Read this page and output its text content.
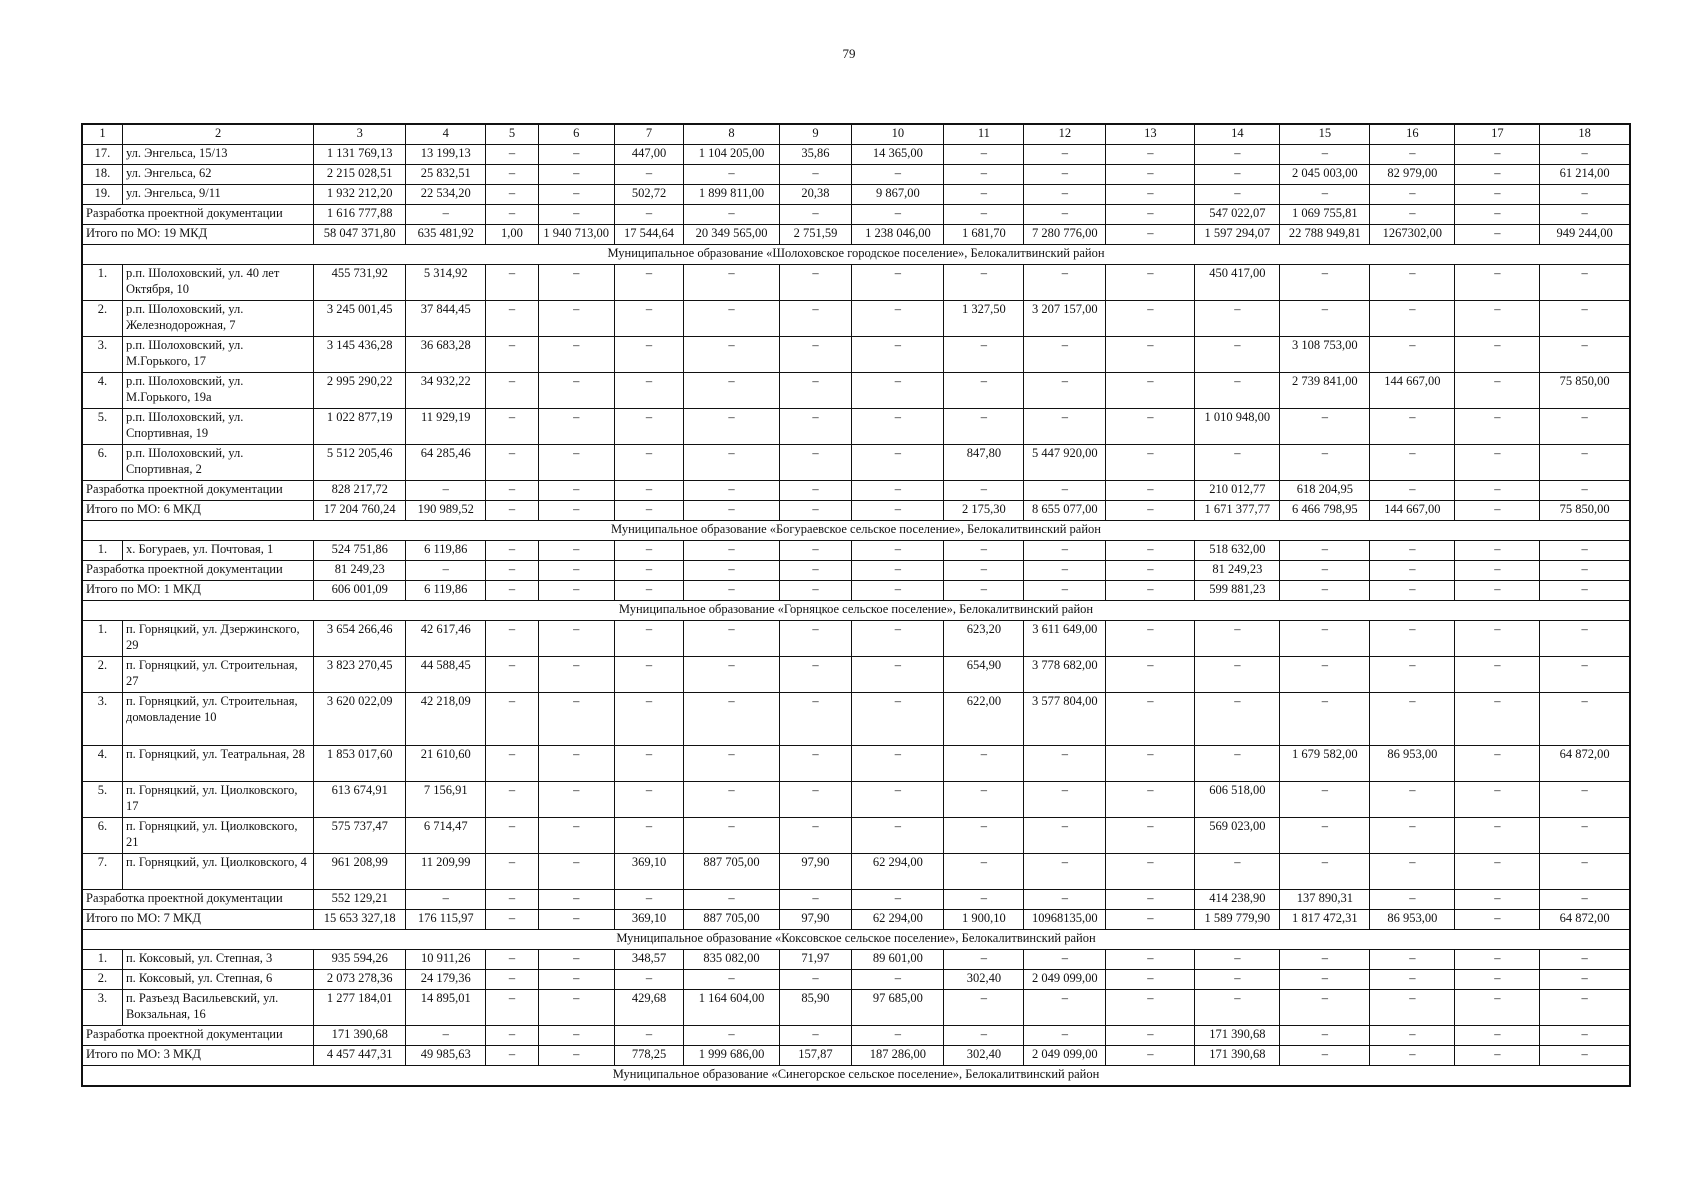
79
1	2	3	4	5	6	7	8	9	10	11	12	13	14	15	16	17	18
17.	ул. Энгельса, 15/13	1 131 769,13	13 199,13	–	–	447,00	1 104 205,00	35,86	14 365,00	–	–	–	–	–	–	–	–
18.	ул. Энгельса, 62	2 215 028,51	25 832,51	–	–	–	–	–	–	–	–	–	–	2 045 003,00	82 979,00	–	61 214,00
19.	ул. Энгельса, 9/11	1 932 212,20	22 534,20	–	–	502,72	1 899 811,00	20,38	9 867,00	–	–	–	–	–	–	–	–
Разработка проектной документации		1 616 777,88	–	–	–	–	–	–	–	–	–	–	547 022,07	1 069 755,81	–	–	–
Итого по МО: 19 МКД		58 047 371,80	635 481,92	1,00	1 940 713,00	17 544,64	20 349 565,00	2 751,59	1 238 046,00	1 681,70	7 280 776,00	–	1 597 294,07	22 788 949,81	1267302,00	–	949 244,00
Муниципальное образование «Шолоховское городское поселение», Белокалитвинский район																	
1.	р.п. Шолоховский, ул. 40 лет Октября, 10	455 731,92	5 314,92	–	–	–	–	–	–	–	–	–	450 417,00	–	–	–	–
2.	р.п. Шолоховский, ул. Железнодорожная, 7	3 245 001,45	37 844,45	–	–	–	–	–	–	1 327,50	3 207 157,00	–	–	–	–	–	–
3.	р.п. Шолоховский, ул. М.Горького, 17	3 145 436,28	36 683,28	–	–	–	–	–	–	–	–	–	–	3 108 753,00	–	–	–
4.	р.п. Шолоховский, ул. М.Горького, 19а	2 995 290,22	34 932,22	–	–	–	–	–	–	–	–	–	–	2 739 841,00	144 667,00	–	75 850,00
5.	р.п. Шолоховский, ул. Спортивная, 19	1 022 877,19	11 929,19	–	–	–	–	–	–	–	–	–	1 010 948,00	–	–	–	–
6.	р.п. Шолоховский, ул. Спортивная, 2	5 512 205,46	64 285,46	–	–	–	–	–	–	847,80	5 447 920,00	–	–	–	–	–	–
Разработка проектной документации		828 217,72	–	–	–	–	–	–	–	–	–	–	210 012,77	618 204,95	–	–	–
Итого по МО: 6 МКД		17 204 760,24	190 989,52	–	–	–	–	–	–	2 175,30	8 655 077,00	–	1 671 377,77	6 466 798,95	144 667,00	–	75 850,00
Муниципальное образование «Богураевское сельское поселение», Белокалитвинский район																	
1.	х. Богураев, ул. Почтовая, 1	524 751,86	6 119,86	–	–	–	–	–	–	–	–	–	518 632,00	–	–	–	–
Разработка проектной документации		81 249,23	–	–	–	–	–	–	–	–	–	–	81 249,23	–	–	–	–
Итого по МО: 1 МКД		606 001,09	6 119,86	–	–	–	–	–	–	–	–	–	599 881,23	–	–	–	–
Муниципальное образование «Горняцкое сельское поселение», Белокалитвинский район																	
1.	п. Горняцкий, ул. Дзержинского, 29	3 654 266,46	42 617,46	–	–	–	–	–	–	623,20	3 611 649,00	–	–	–	–	–	–
2.	п. Горняцкий, ул. Строительная, 27	3 823 270,45	44 588,45	–	–	–	–	–	–	654,90	3 778 682,00	–	–	–	–	–	–
3.	п. Горняцкий, ул. Строительная, домовладение 10	3 620 022,09	42 218,09	–	–	–	–	–	–	622,00	3 577 804,00	–	–	–	–	–	–
4.	п. Горняцкий, ул. Театральная, 28	1 853 017,60	21 610,60	–	–	–	–	–	–	–	–	–	–	1 679 582,00	86 953,00	–	64 872,00
5.	п. Горняцкий, ул. Циолковского, 17	613 674,91	7 156,91	–	–	–	–	–	–	–	–	–	606 518,00	–	–	–	–
6.	п. Горняцкий, ул. Циолковского, 21	575 737,47	6 714,47	–	–	–	–	–	–	–	–	–	569 023,00	–	–	–	–
7.	п. Горняцкий, ул. Циолковского, 4	961 208,99	11 209,99	–	–	369,10	887 705,00	97,90	62 294,00	–	–	–	–	–	–	–	–
Разработка проектной документации		552 129,21	–	–	–	–	–	–	–	–	–	–	414 238,90	137 890,31	–	–	–
Итого по МО: 7 МКД		15 653 327,18	176 115,97	–	–	369,10	887 705,00	97,90	62 294,00	1 900,10	10968135,00	–	1 589 779,90	1 817 472,31	86 953,00	–	64 872,00
Муниципальное образование «Коксовское сельское поселение», Белокалитвинский район																	
1.	п. Коксовый, ул. Степная, 3	935 594,26	10 911,26	–	–	348,57	835 082,00	71,97	89 601,00	–	–	–	–	–	–	–	–
2.	п. Коксовый, ул. Степная, 6	2 073 278,36	24 179,36	–	–	–	–	–	–	302,40	2 049 099,00	–	–	–	–	–	–
3.	п. Разъезд Васильевский, ул. Вокзальная, 16	1 277 184,01	14 895,01	–	–	429,68	1 164 604,00	85,90	97 685,00	–	–	–	–	–	–	–	–
Разработка проектной документации		171 390,68	–	–	–	–	–	–	–	–	–	–	171 390,68	–	–	–	–
Итого по МО: 3 МКД		4 457 447,31	49 985,63	–	–	778,25	1 999 686,00	157,87	187 286,00	302,40	2 049 099,00	–	171 390,68	–	–	–	–
Муниципальное образование «Синегорское сельское поселение», Белокалитвинский район																	
